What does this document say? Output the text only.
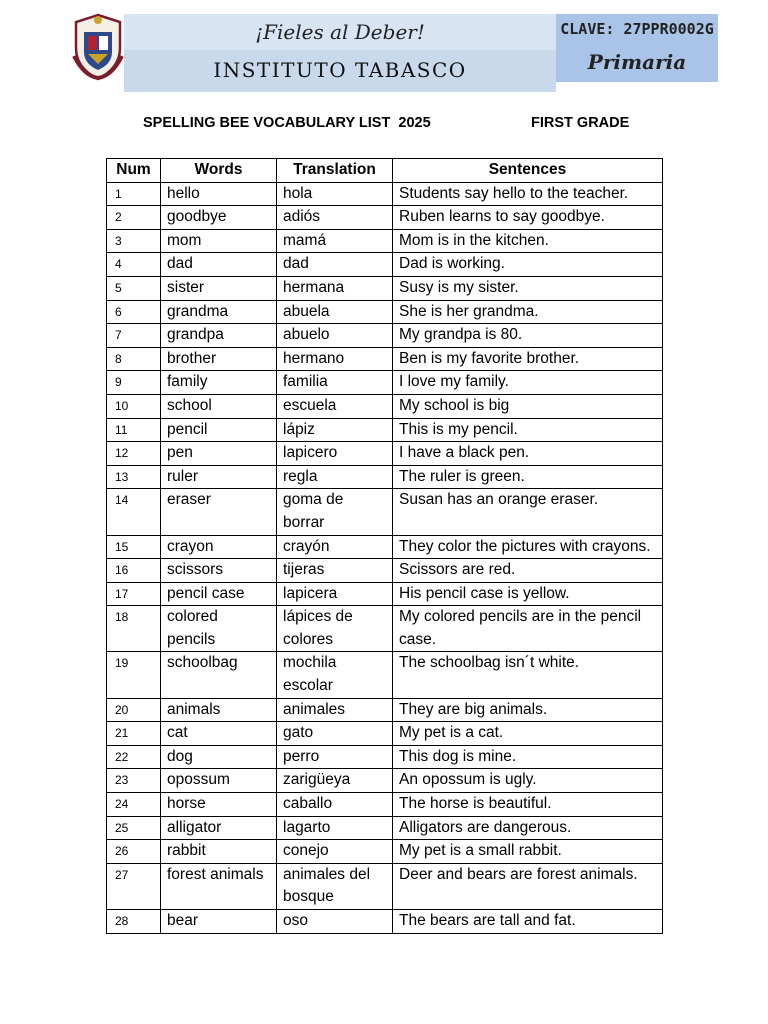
¡Fieles al Deber!
INSTITUTO TABASCO
CLAVE: 27PPR0002G
Primaria
SPELLING BEE VOCABULARY LIST  2025	FIRST GRADE
Num	Words	Translation	Sentences
1	hello	hola	Students say hello to the teacher.
2	goodbye	adiós	Ruben learns to say goodbye.
3	mom	mamá	Mom is in the kitchen.
4	dad	dad	Dad is working.
5	sister	hermana	Susy is my sister.
6	grandma	abuela	She is her grandma.
7	grandpa	abuelo	My grandpa is 80.
8	brother	hermano	Ben is my favorite brother.
9	family	familia	I love my family.
10	school	escuela	My school is big
11	pencil	lápiz	This is my pencil.
12	pen	lapicero	I have a black pen.
13	ruler	regla	The ruler is green.
14	eraser	goma de borrar	Susan has an orange eraser.
15	crayon	crayón	They color the pictures with crayons.
16	scissors	tijeras	Scissors are red.
17	pencil case	lapicera	His pencil case is yellow.
18	colored pencils	lápices de colores	My colored pencils are in the pencil case.
19	schoolbag	mochila escolar	The schoolbag isn´t white.
20	animals	animales	They are big animals.
21	cat	gato	My pet is a cat.
22	dog	perro	This dog is mine.
23	opossum	zarigüeya	An opossum is ugly.
24	horse	caballo	The horse is beautiful.
25	alligator	lagarto	Alligators are dangerous.
26	rabbit	conejo	My pet is a small rabbit.
27	forest animals	animales del bosque	Deer and bears are forest animals.
28	bear	oso	The bears are tall and fat.
